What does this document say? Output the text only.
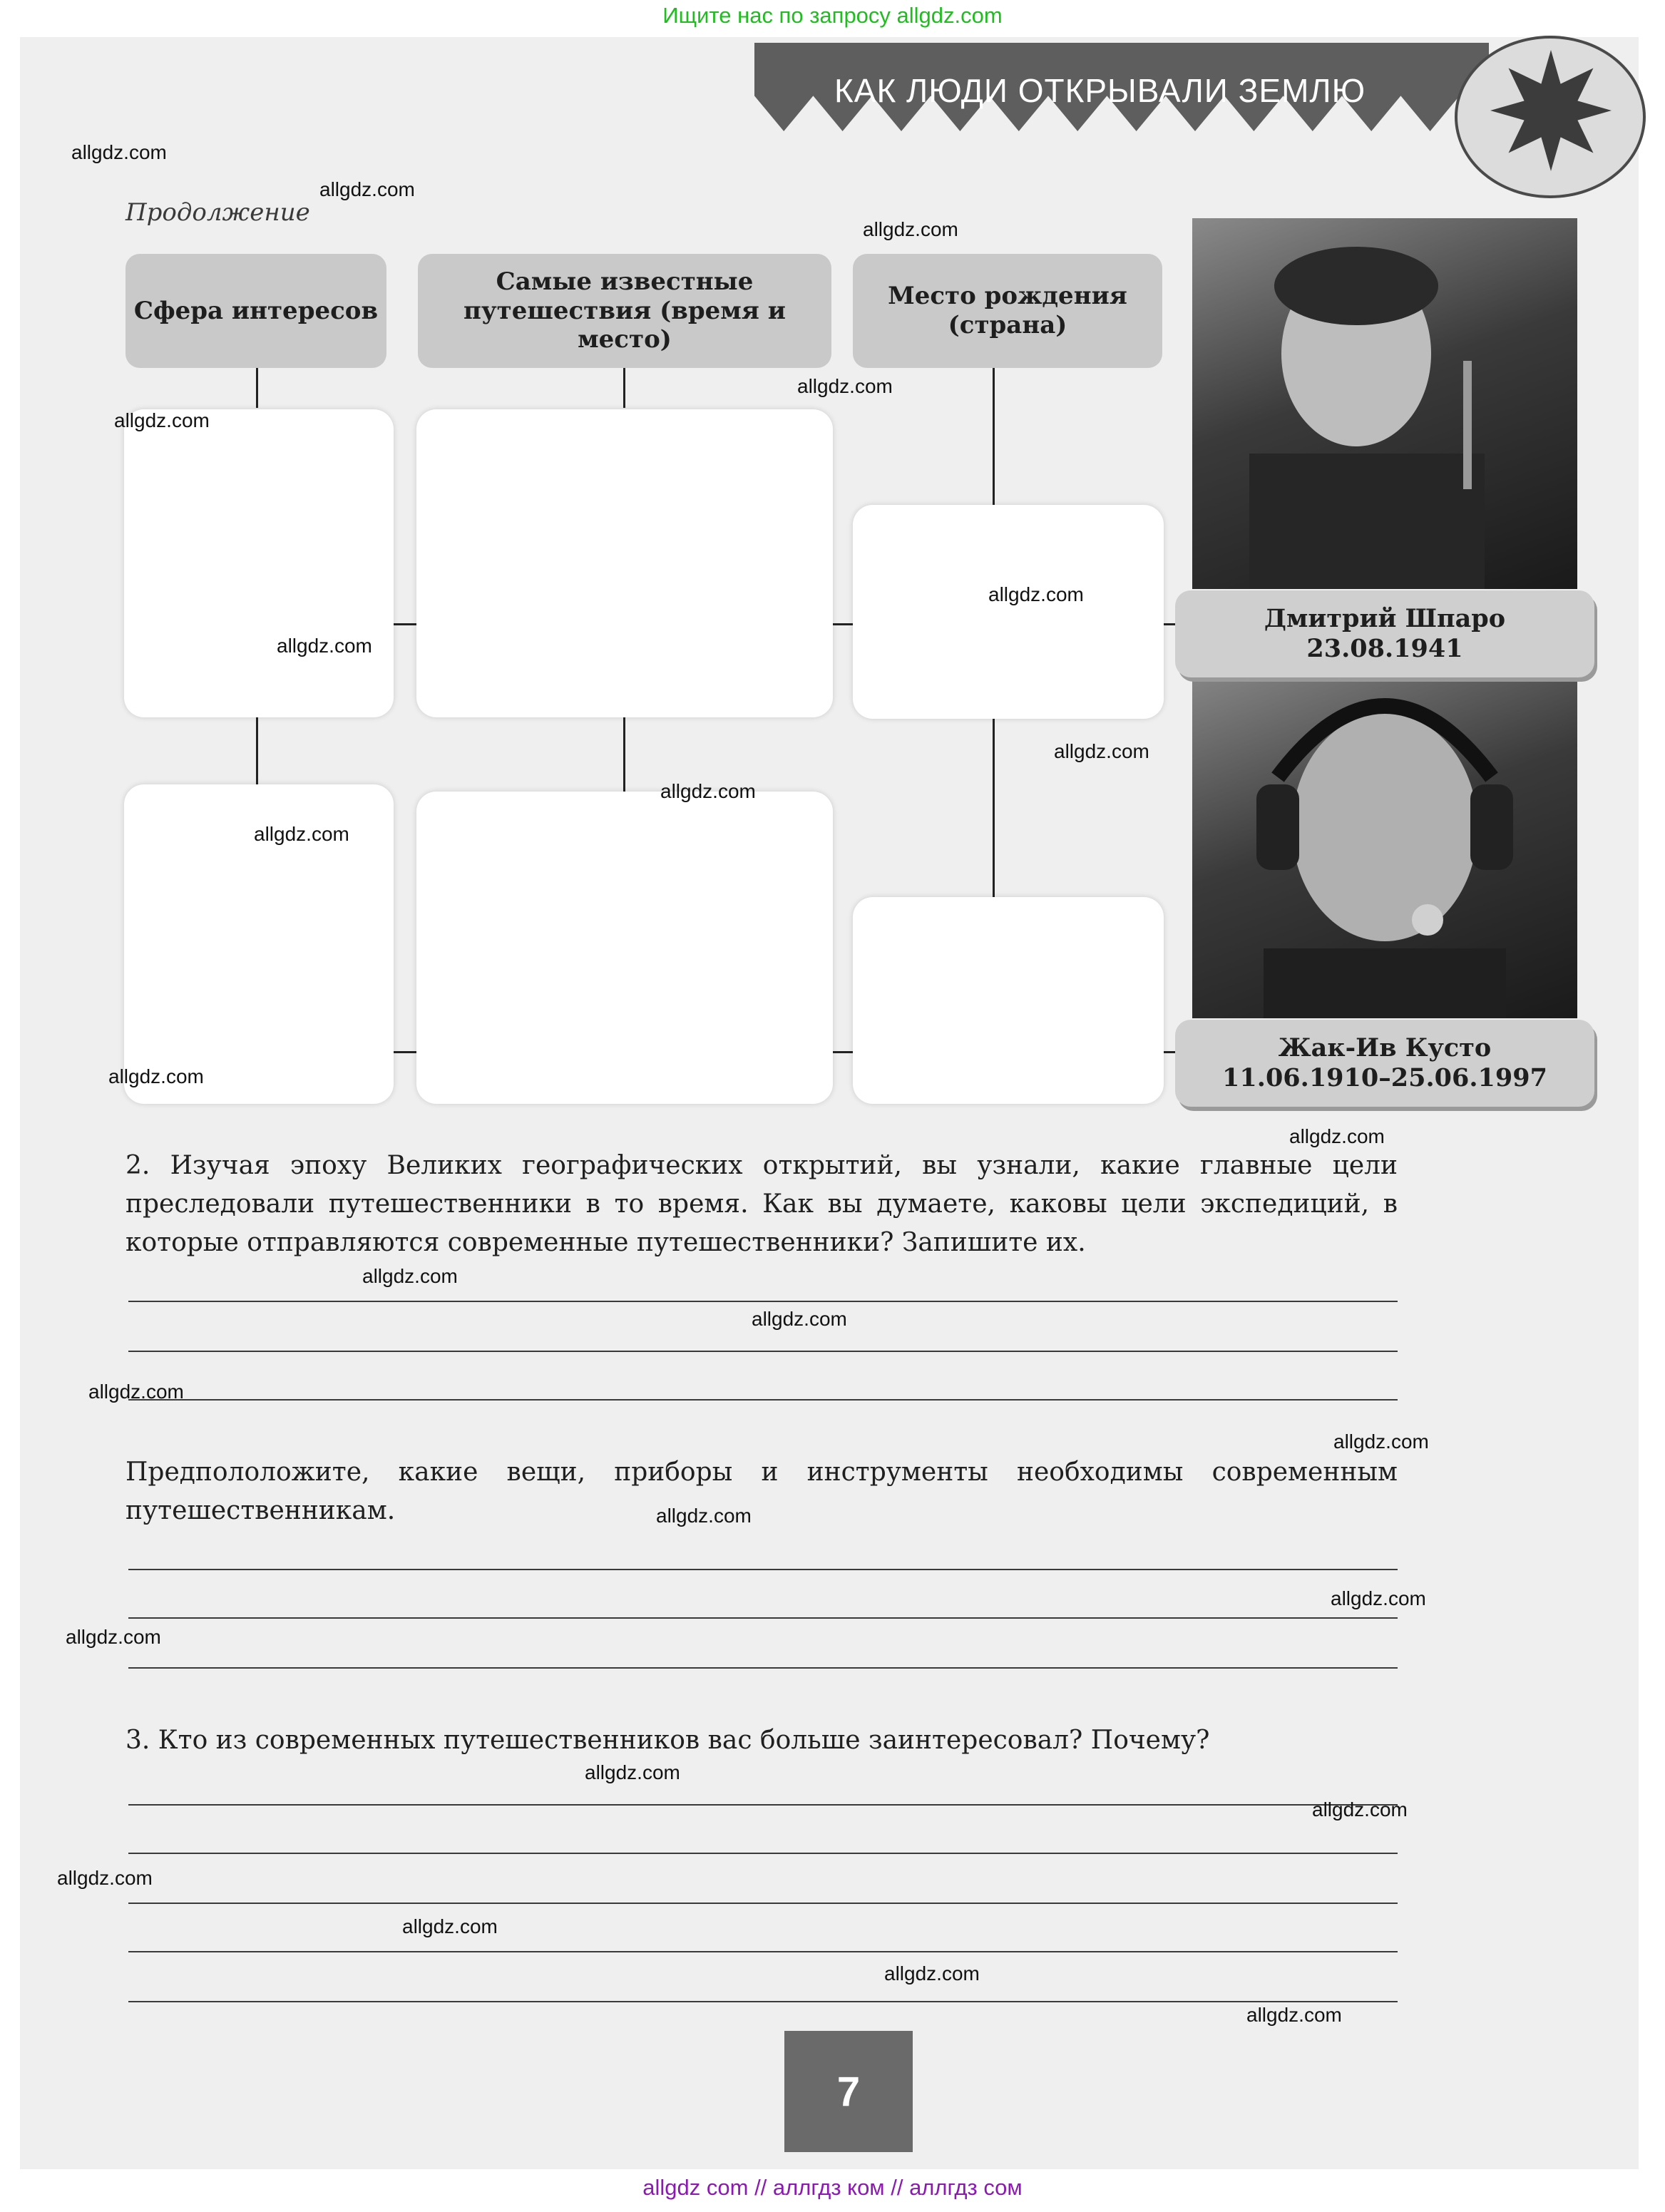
Ищите нас по запросу allgdz.com
КАК ЛЮДИ ОТКРЫВАЛИ ЗЕМЛЮ
Продолжение
Сфера интересов
Самые известные путешествия (время и место)
Место рождения (страна)
Дмитрий Шпаро
23.08.1941
Жак-Ив Кусто
11.06.1910–25.06.1997
2. Изучая эпоху Великих географических открытий, вы узнали, какие главные цели преследовали путешественники в то время. Как вы думаете, каковы цели экспедиций, в которые отправляются современные путешественники? Запишите их.
Предпололожите, какие вещи, приборы и инструменты необходимы современным путешественникам.
3. Кто из современных путешественников вас больше заинтересовал? Почему?
7
allgdz.com
allgdz.com
allgdz.com
allgdz.com
allgdz.com
allgdz.com
allgdz.com
allgdz.com
allgdz.com
allgdz.com
allgdz.com
allgdz.com
allgdz.com
allgdz.com
allgdz.com
allgdz.com
allgdz.com
allgdz.com
allgdz.com
allgdz.com
allgdz.com
allgdz.com
allgdz.com
allgdz.com
allgdz.com
allgdz com // аллгдз ком // аллгдз сом
